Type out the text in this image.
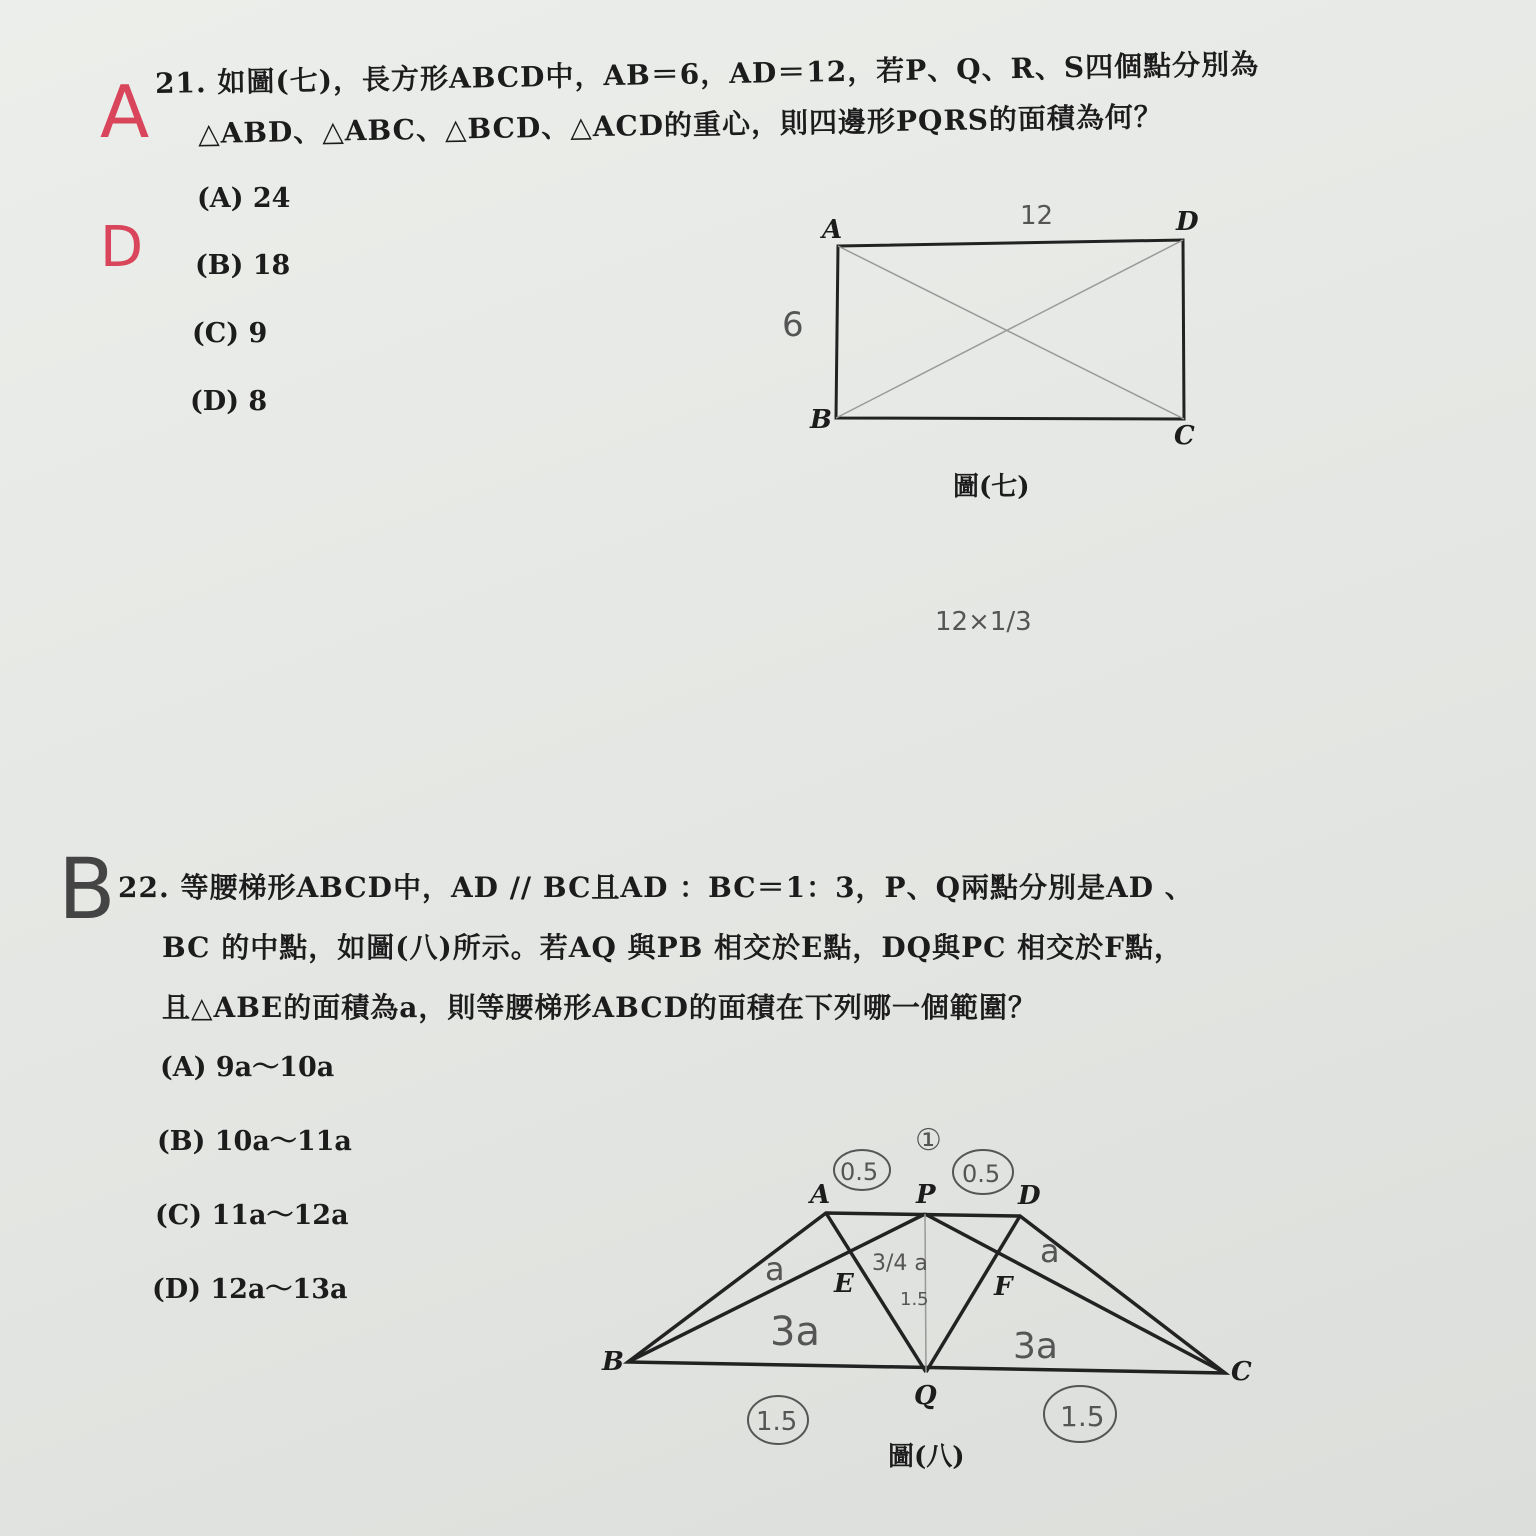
21. 如圖(七)，長方形ABCD中，AB＝6，AD＝12，若P、Q、R、S四個點分別為
△ABD、△ABC、△BCD、△ACD的重心，則四邊形PQRS的面積為何？
(A) 24
(B) 18
(C) 9
(D) 8
A
D
圖(七)
22. 等腰梯形ABCD中，AD // BC且AD ：BC＝1：3，P、Q兩點分別是AD 、
BC 的中點，如圖(八)所示。若AQ 與PB 相交於E點，DQ與PC 相交於F點，
且△ABE的面積為a，則等腰梯形ABCD的面積在下列哪一個範圍？
(A) 9a～10a
(B) 10a～11a
(C) 11a～12a
(D) 12a～13a
B
圖(八)
A	D
B
C
6
12
12×1/3
A	P	D
E	F
B
Q
C
①
0.5	0.5
a	a
3/4 a
1.5
3a	3a
1.5	1.5
